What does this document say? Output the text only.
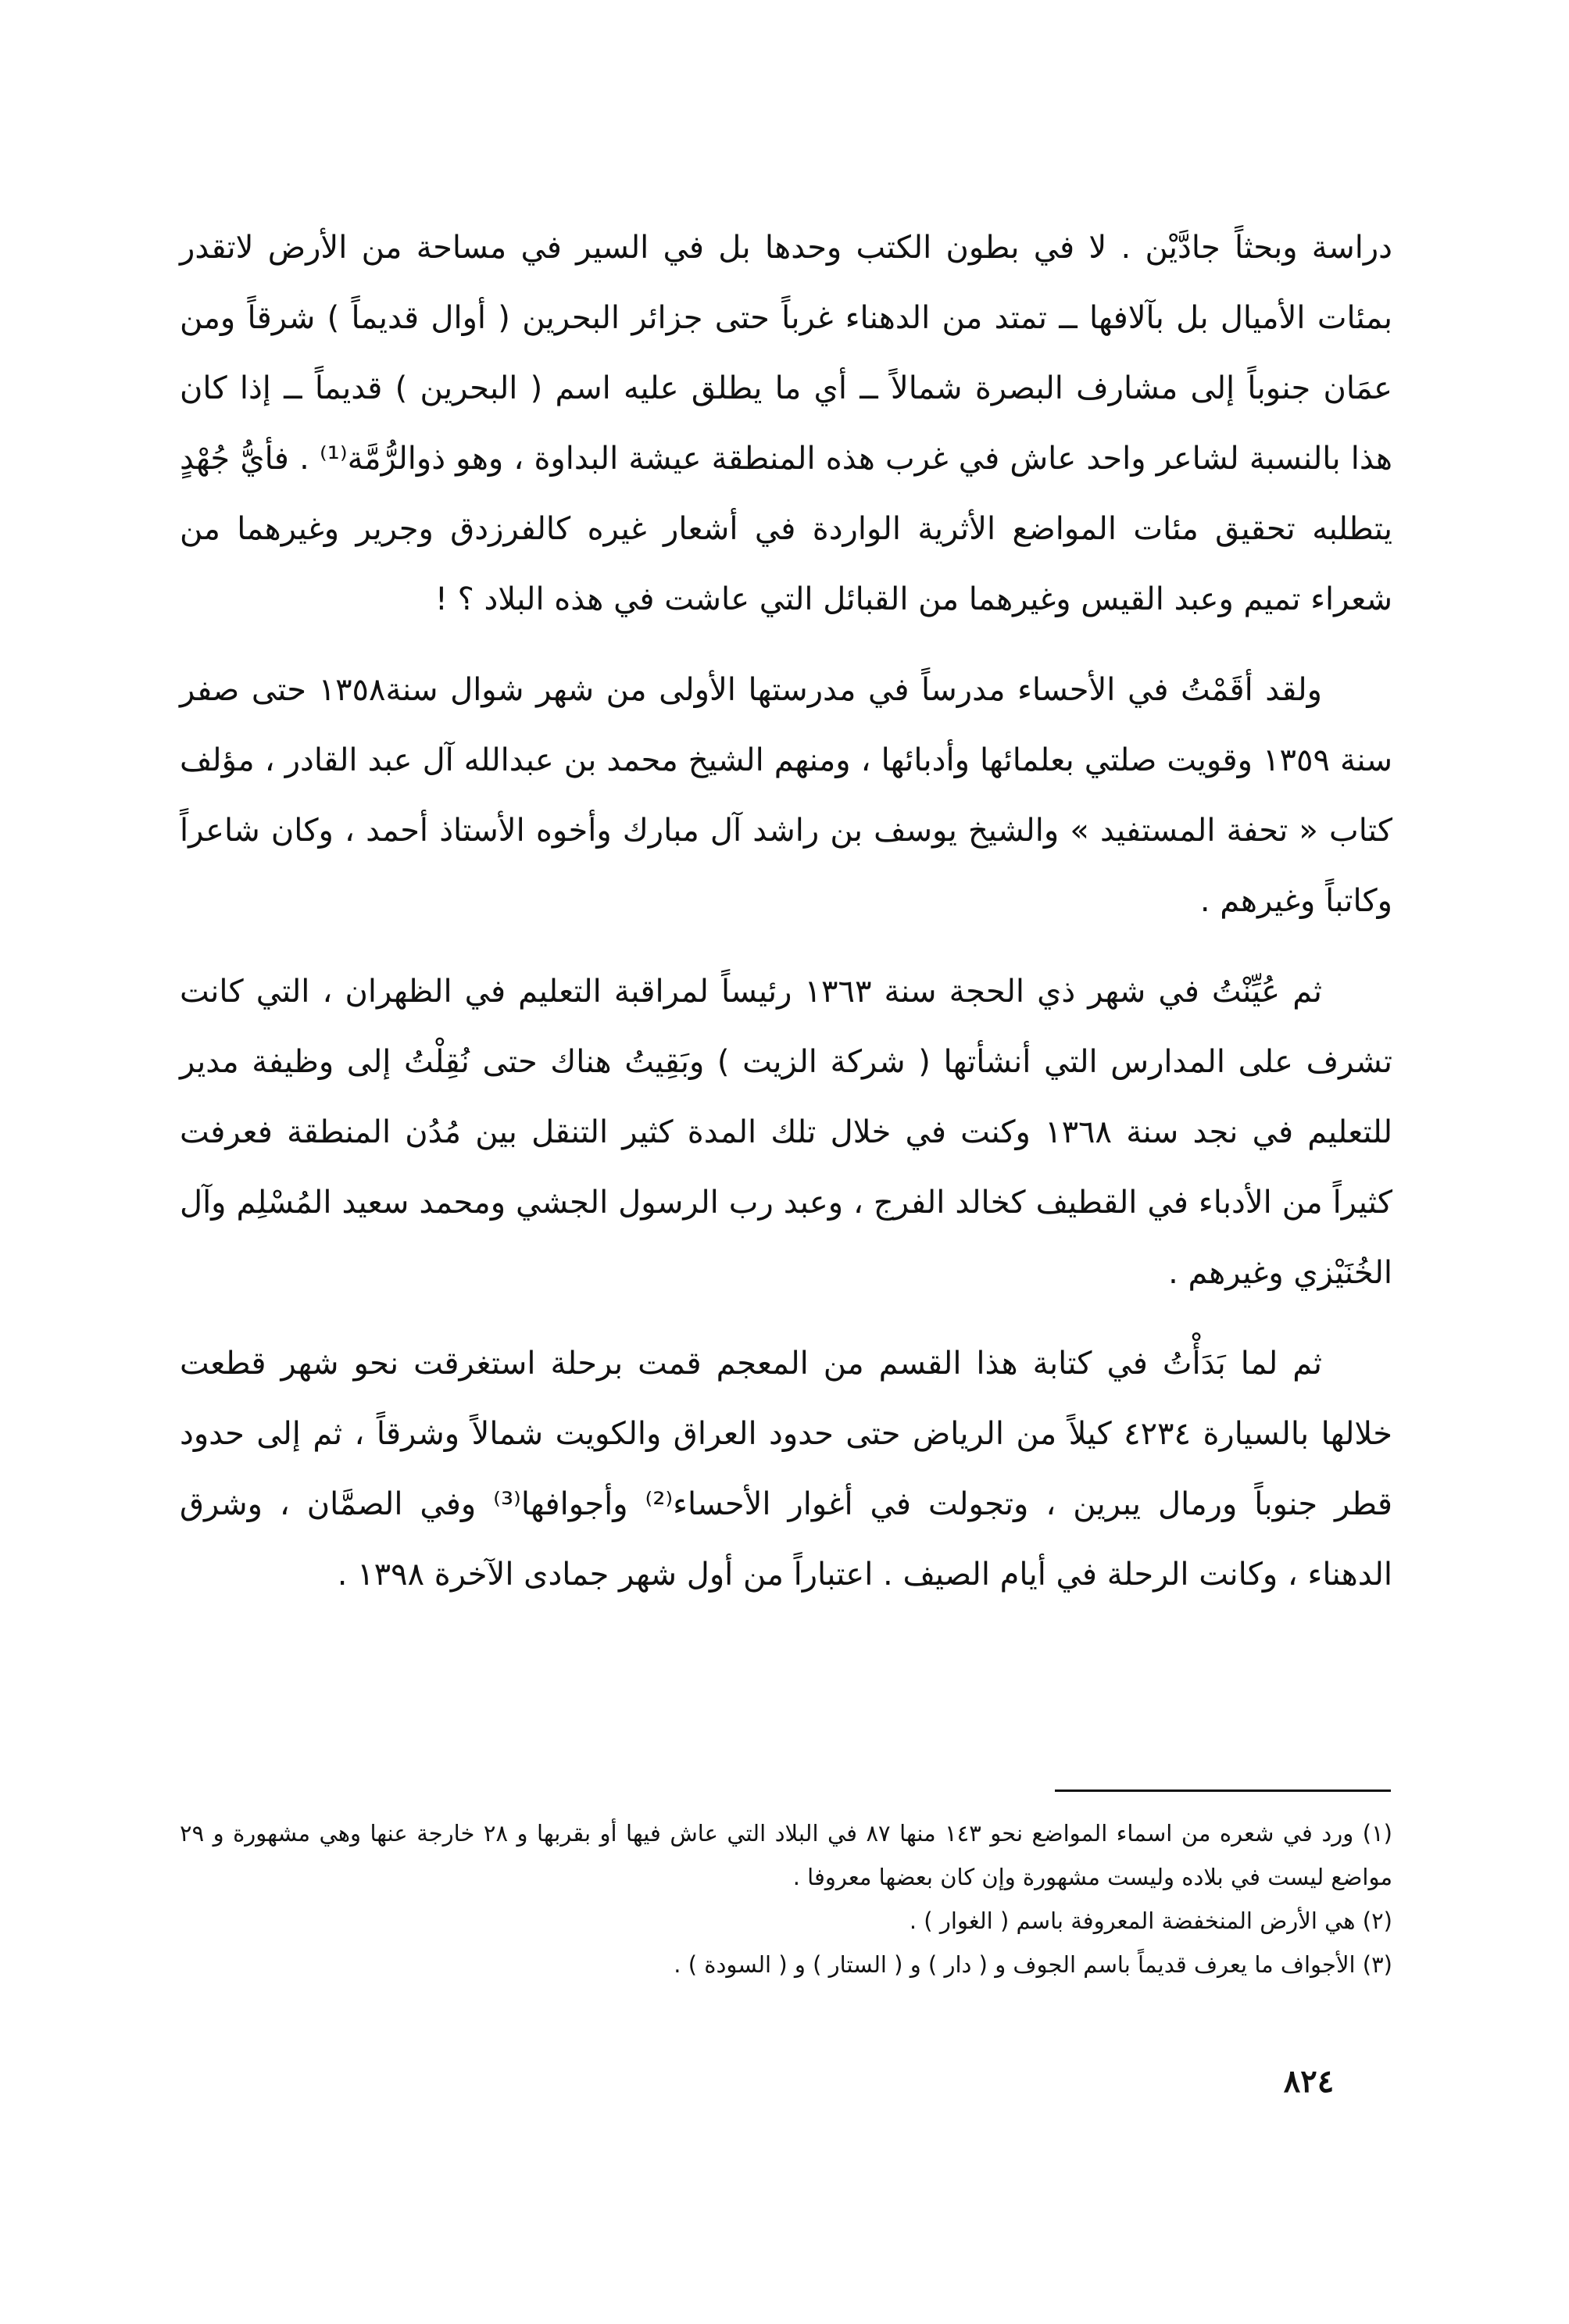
دراسة وبحثاً جادَّيْن . لا في بطون الكتب وحدها بل في السير في مساحة من الأرض لاتقدر بمئات الأميال بل بآلافها ــ تمتد من الدهناء غرباً حتى جزائر البحرين ( أوال قديماً ) شرقاً ومن عمَان جنوباً إلى مشارف البصرة شمالاً ــ أي ما يطلق عليه اسم ( البحرين ) قديماً ــ إذا كان هذا بالنسبة لشاعر واحد عاش في غرب هذه المنطقة عيشة البداوة ، وهو ذوالرُّمَّة⁽¹⁾ . فأيُّ جُهْدٍ يتطلبه تحقيق مئات المواضع الأثرية الواردة في أشعار غيره كالفرزدق وجرير وغيرهما من شعراء تميم وعبد القيس وغيرهما من القبائل التي عاشت في هذه البلاد ؟ !

ولقد أقَمْتُ في الأحساء مدرساً في مدرستها الأولى من شهر شوال سنة١٣٥٨ حتى صفر سنة ١٣٥٩ وقويت صلتي بعلمائها وأدبائها ، ومنهم الشيخ محمد بن عبدالله آل عبد القادر ، مؤلف كتاب « تحفة المستفيد » والشيخ يوسف بن راشد آل مبارك وأخوه الأستاذ أحمد ، وكان شاعراً وكاتباً وغيرهم .

ثم عُيِّنْتُ في شهر ذي الحجة سنة ١٣٦٣ رئيساً لمراقبة التعليم في الظهران ، التي كانت تشرف على المدارس التي أنشأتها ( شركة الزيت ) وبَقِيتُ هناك حتى نُقِلْتُ إلى وظيفة مدير للتعليم في نجد سنة ١٣٦٨ وكنت في خلال تلك المدة كثير التنقل بين مُدُن المنطقة فعرفت كثيراً من الأدباء في القطيف كخالد الفرج ، وعبد رب الرسول الجشي ومحمد سعيد المُسْلِم وآل الخُنَيْزي وغيرهم .

ثم لما بَدَأْتُ في كتابة هذا القسم من المعجم قمت برحلة استغرقت نحو شهر قطعت خلالها بالسيارة ٤٢٣٤ كيلاً من الرياض حتى حدود العراق والكويت شمالاً وشرقاً ، ثم إلى حدود قطر جنوباً ورمال يبرين ، وتجولت في أغوار الأحساء⁽²⁾ وأجوافها⁽³⁾ وفي الصمَّان ، وشرق الدهناء ، وكانت الرحلة في أيام الصيف . اعتباراً من أول شهر جمادى الآخرة ١٣٩٨ .

(١) ورد في شعره من اسماء المواضع نحو ١٤٣ منها ٨٧ في البلاد التي عاش فيها أو بقربها و ٢٨ خارجة عنها وهي مشهورة و ٢٩ مواضع ليست في بلاده وليست مشهورة وإن كان بعضها معروفا .

(٢) هي الأرض المنخفضة المعروفة باسم ( الغوار ) .

(٣) الأجواف ما يعرف قديماً باسم الجوف و ( دار ) و ( الستار ) و ( السودة ) .

٨٢٤
